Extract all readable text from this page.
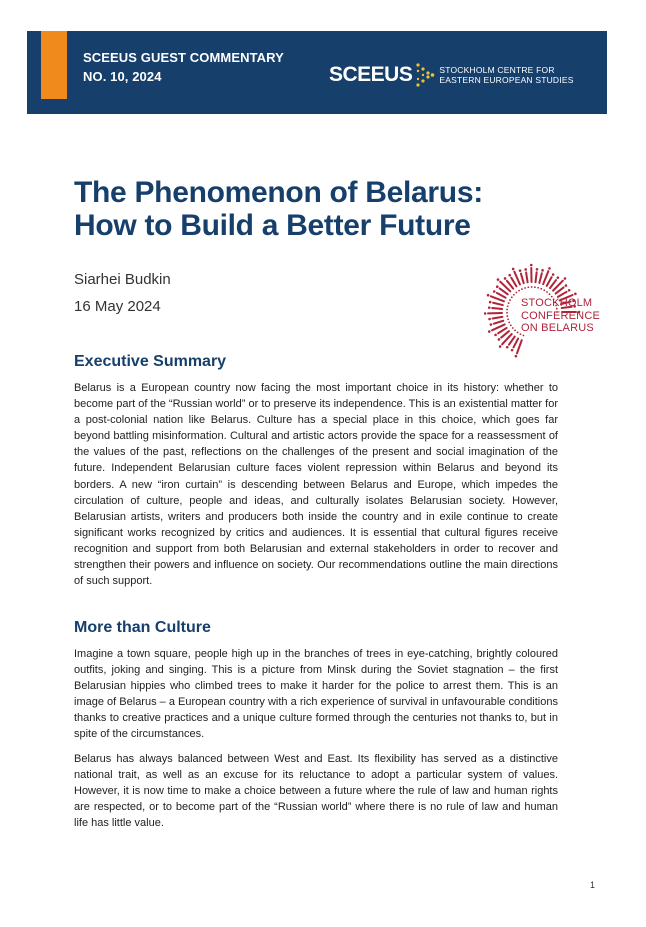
SCEEUS GUEST COMMENTARY
NO. 10, 2024	SCEEUS	STOCKHOLM CENTRE FOR
EASTERN EUROPEAN STUDIES
The Phenomenon of Belarus:
How to Build a Better Future
Siarhei Budkin
16 May 2024	STOCKHOLM
CONFERENCE
ON BELARUS
Executive Summary

Belarus is a European country now facing the most important choice in its history: whether to become part of the “Russian world” or to preserve its independence. This is an existential matter for a post-colonial nation like Belarus. Culture has a special place in this choice, which goes far beyond battling misinformation. Cultural and artistic actors provide the space for a reassessment of the values of the past, reflections on the challenges of the present and social imagination of the future. Independent Belarusian culture faces violent repression within Belarus and beyond its borders. A new “iron curtain” is descending between Belarus and Europe, which impedes the circulation of culture, people and ideas, and culturally isolates Belarusian society. However, Belarusian artists, writers and producers both inside the country and in exile continue to create significant works recognized by critics and audiences. It is essential that cultural figures receive recognition and support from both Belarusian and external stakeholders in order to recover and strengthen their powers and influence on society. Our recommendations outline the main directions of such support.

More than Culture

Imagine a town square, people high up in the branches of trees in eye-catching, brightly coloured outfits, joking and singing. This is a picture from Minsk during the Soviet stagnation – the first Belarusian hippies who climbed trees to make it harder for the police to arrest them. This is an image of Belarus – a European country with a rich experience of survival in unfavourable conditions thanks to creative practices and a unique culture formed through the centuries not thanks to, but in spite of the circumstances.

Belarus has always balanced between West and East. Its flexibility has served as a distinctive national trait, as well as an excuse for its reluctance to adopt a particular system of values. However, it is now time to make a choice between a future where the rule of law and human rights are respected, or to become part of the “Russian world” where there is no rule of law and human life has little value.

1
